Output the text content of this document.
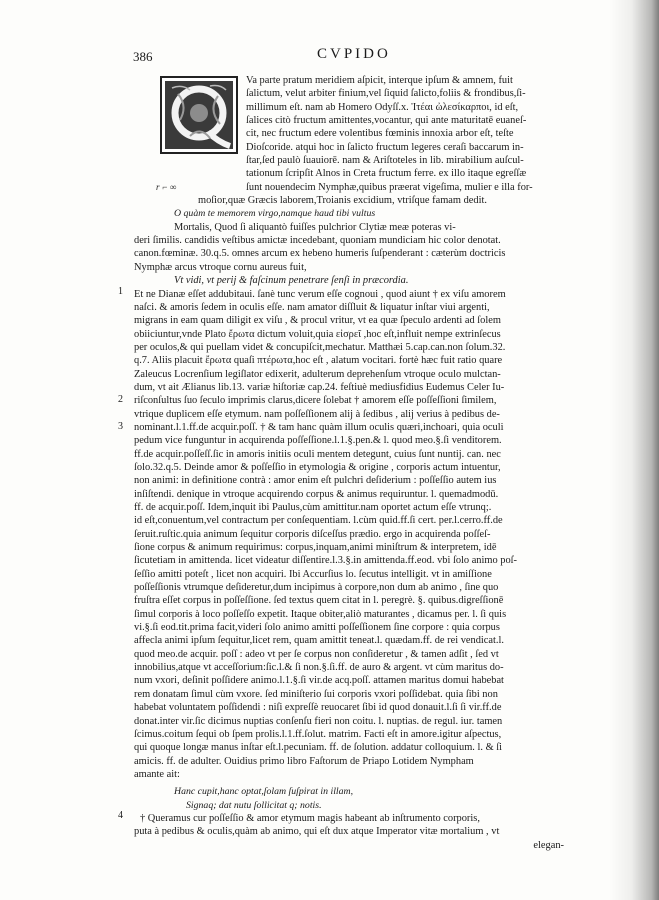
386	CVPIDO
1
2
3
4
r ⌐ ∞
Va parte pratum meridiem aſpicit, interque ipſum & amnem, fuit
ſalictum, velut arbiter finium,vel ſiquid ſalicto,foliis & frondibus,ſi-
millimum eſt. nam ab Homero Odyſſ.x. Ἰτέαι ὠλεσίκαρποι, id eſt,
ſalices citò fructum amittentes,vocantur, qui ante maturitatē euaneſ-
cit, nec fructum edere volentibus fœminis innoxia arbor eſt, teſte
Dioſcoride. atqui hoc in ſalicto fructum legeres ceraſi baccarum in-
ſtar,ſed paulò ſuauiorē. nam & Ariſtoteles in lib. mirabilium auſcul-
tationum ſcripſit Alnos in Creta fructum ferre. ex illo itaque egreſſæ
ſunt nouendecim Nymphæ,quibus præerat vigeſima, mulier e illa for-
moſior,quæ Græcis laborem,Troianis excidium, vtriſque famam dedit.
O quàm te memorem virgo,namque haud tibi vultus
Mortalis, Quod ſi aliquantò fuiſſes pulchrior Clytiæ meæ poteras vi-
deri ſimilis. candidis veſtibus amictæ incedebant, quoniam mundiciam hic color denotat.
canon.fœminæ. 30.q.5. omnes arcum ex hebeno humeris ſuſpenderant : cæterùm doctricis
Nymphæ arcus vtroque cornu aureus fuit,
Vt vidi, vt perij & faſcinum penetrare ſenſi in præcordia.
Et ne Dianæ eſſet addubitaui. ſanè tunc verum eſſe cognoui , quod aiunt † ex viſu amorem
naſci. & amoris ſedem in oculis eſſe. nam amator diſſluit & liquatur inſtar viui argenti,
migrans in eam quam diligit ex viſu , & procul vritur, vt ea quæ ſpeculo ardenti ad ſolem
obiiciuntur,vnde Plato ἔρωτα dictum voluit,quia εἰσρεῖ ,hoc eſt,influit nempe extrinſecus
per oculos,& qui puellam videt & concupiſcit,mechatur. Matthæi 5.cap.can.non ſolum.32.
q.7. Aliis placuit ἔρωτα quaſi πτέρωτα,hoc eſt , alatum vocitari. fortè hæc fuit ratio quare
Zaleucus Locrenſium legiſlator edixerit, adulterum deprehenſum vtroque oculo mulctan-
dum, vt ait Ælianus lib.13. variæ hiſtoriæ cap.24. feſtiuè mediusfidius Eudemus Celer Iu-
riſconſultus ſuo ſeculo imprimis clarus,dicere ſolebat † amorem eſſe poſſeſſioni ſimilem,
vtrique duplicem eſſe etymum. nam poſſeſſionem alij à ſedibus , alij verius à pedibus de-
nominant.l.1.ff.de acquir.poſſ. † & tam hanc quàm illum oculis quæri,inchoari, quia oculi
pedum vice funguntur in acquirenda poſſeſſione.l.1.§.pen.& l. quod meo.§.ſi venditorem.
ff.de acquir.poſſeſſ.ſic in amoris initiis oculi mentem detegunt, cuius ſunt nuntij. can. nec
ſolo.32.q.5. Deinde amor & poſſeſſio in etymologia & origine , corporis actum intuentur,
non animi: in definitione contrà : amor enim eſt pulchri deſiderium : poſſeſſio autem ius
inſiſtendi. denique in vtroque acquirendo corpus & animus requiruntur. l. quemadmodū.
ff. de acquir.poſſ. Idem,inquit ibi Paulus,cùm amittitur.nam oportet actum eſſe vtrunq;.
id eſt,conuentum,vel contractum per conſequentiam. l.cùm quid.ff.ſi cert. per.l.cerro.ff.de
ſeruit.ruſtic.quia animum ſequitur corporis diſceſſus prædio. ergo in acquirenda poſſeſ-
ſione corpus & animum requirimus: corpus,inquam,animi miniſtrum & interpretem, idē
ſicutetiam in amittenda. licet videatur diſſentire.l.3.§.in amittenda.ff.eod. vbi ſolo animo poſ-
ſeſſio amitti poteſt , licet non acquiri. Ibi Accurſius lo. ſecutus intelligit. vt in amiſſione
poſſeſſionis vtrumque deſideretur,dum incipimus à corpore,non dum ab animo , ſine quo
fruſtra eſſet corpus in poſſeſſione. ſed textus quem citat in l. peregrè. §. quibus.digreſſionē
ſimul corporis à loco poſſeſſo expetit. Itaque obiter,aliò maturantes , dicamus per. l. ſi quis
vi.§.ſi eod.tit.prima facit,videri ſolo animo amitti poſſeſſionem ſine corpore : quia corpus
affecla animi ipſum ſequitur,licet rem, quam amittit teneat.l. quædam.ff. de rei vendicat.l.
quod meo.de acquir. poſſ : adeo vt per ſe corpus non conſideretur , & tamen adſit , ſed vt
innobilius,atque vt acceſſorium:ſic.l.& ſi non.§.ſi.ff. de auro & argent. vt cùm maritus do-
num vxori, deſinit poſſidere animo.l.1.§.ſi vir.de acq.poſſ. attamen maritus domui habebat
rem donatam ſimul cùm vxore. ſed miniſterio ſui corporis vxori poſſidebat. quia ſibi non
habebat voluntatem poſſidendi : niſi expreſſè reuocaret ſibi id quod donauit.l.ſi ſi vir.ff.de
donat.inter vir.ſic dicimus nuptias conſenſu fieri non coitu. l. nuptias. de regul. iur. tamen
ſcimus.coitum ſequi ob ſpem prolis.l.1.ff.ſolut. matrim. Facti eſt in amore.igitur aſpectus,
qui quoque longæ manus inſtar eſt.l.pecuniam. ff. de ſolution. addatur colloquium. l. & ſi
amicis. ff. de adulter. Ouidius primo libro Faſtorum de Priapo Lotidem Nympham
amante ait:
Hanc cupit,hanc optat,ſolam ſuſpirat in illam,
Signaq; dat nutu ſollicitat q; notis.
† Queramus cur poſſeſſio & amor etymum magis habeant ab inſtrumento corporis,
puta à pedibus & oculis,quàm ab animo, qui eſt dux atque Imperator vitæ mortalium , vt
elegan-
